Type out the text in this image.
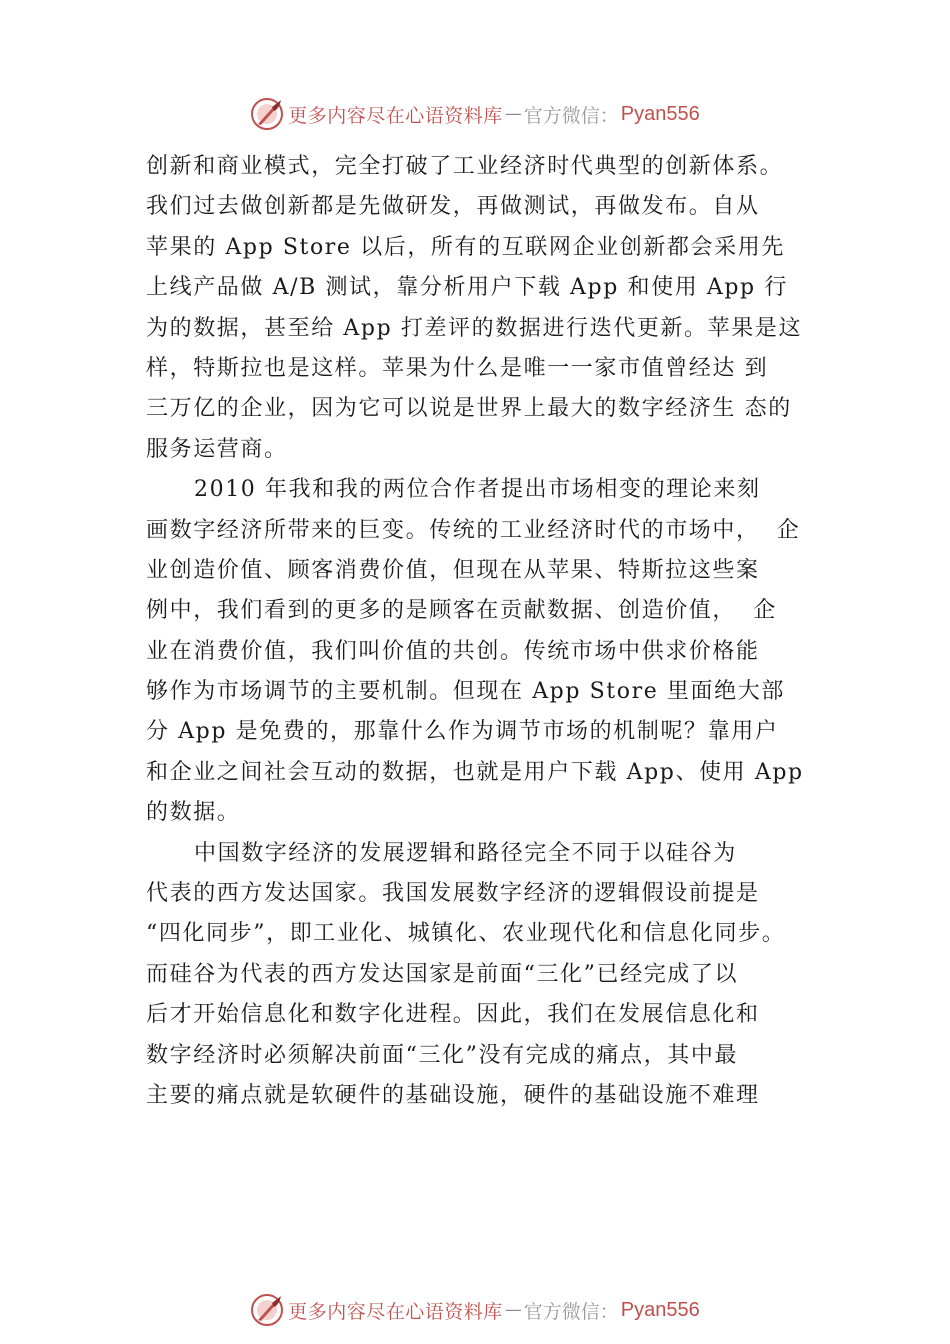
更多内容尽在心语资料库 — 官方微信： Pyan556
创新和商业模式，完全打破了工业经济时代典型的创新体系。
我们过去做创新都是先做研发，再做测试，再做发布。自从
苹果的 App Store 以后，所有的互联网企业创新都会采用先
上线产品做 A/B 测试，靠分析用户下载 App 和使用 App 行
为的数据，甚至给 App 打差评的数据进行迭代更新。苹果是这
样，特斯拉也是这样。苹果为什么是唯一一家市值曾经达 到
三万亿的企业，因为它可以说是世界上最大的数字经济生 态的
服务运营商。
2010 年我和我的两位合作者提出市场相变的理论来刻
画数字经济所带来的巨变。传统的工业经济时代的市场中，  企
业创造价值、顾客消费价值，但现在从苹果、特斯拉这些案
例中，我们看到的更多的是顾客在贡献数据、创造价值，  企
业在消费价值，我们叫价值的共创。传统市场中供求价格能
够作为市场调节的主要机制。但现在 App Store 里面绝大部
分 App 是免费的，那靠什么作为调节市场的机制呢？靠用户
和企业之间社会互动的数据，也就是用户下载 App、使用 App
的数据。
中国数字经济的发展逻辑和路径完全不同于以硅谷为
代表的西方发达国家。我国发展数字经济的逻辑假设前提是
“四化同步”，即工业化、城镇化、农业现代化和信息化同步。
而硅谷为代表的西方发达国家是前面“三化”已经完成了以
后才开始信息化和数字化进程。因此，我们在发展信息化和
数字经济时必须解决前面“三化”没有完成的痛点，其中最
主要的痛点就是软硬件的基础设施，硬件的基础设施不难理
更多内容尽在心语资料库 — 官方微信： Pyan556
